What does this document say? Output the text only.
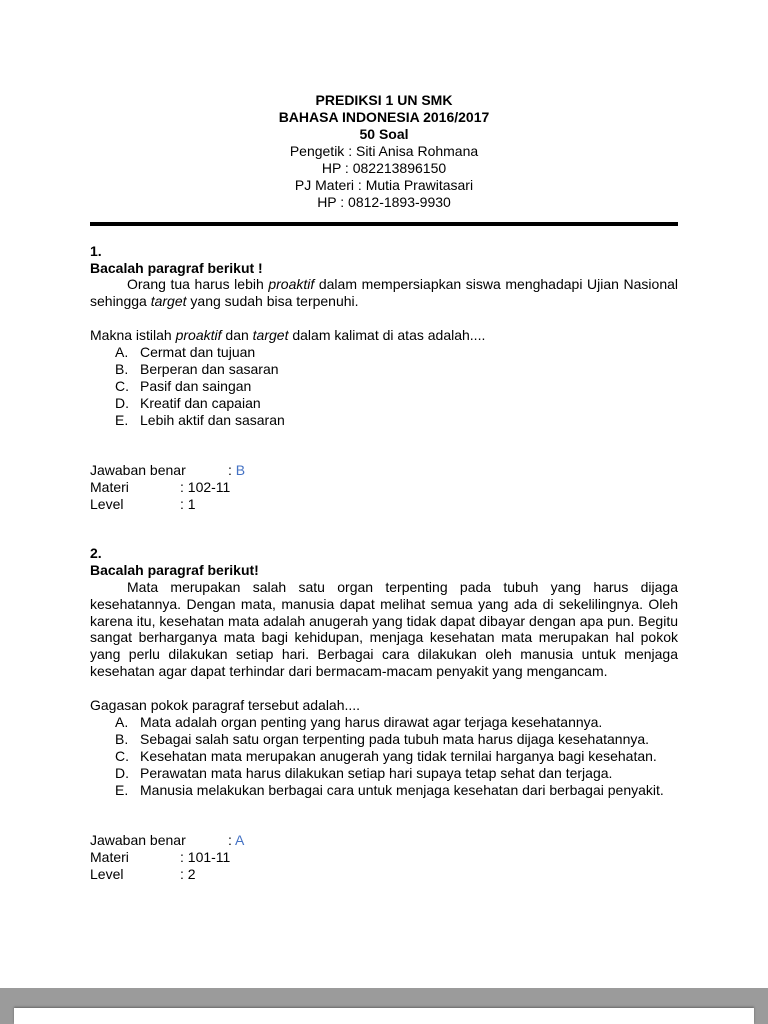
PREDIKSI 1 UN SMK
BAHASA INDONESIA 2016/2017
50 Soal
Pengetik : Siti Anisa Rohmana
HP : 082213896150
PJ Materi : Mutia Prawitasari
HP : 0812-1893-9930
1.
Bacalah paragraf berikut !

Orang tua harus lebih proaktif dalam mempersiapkan siswa menghadapi Ujian Nasional sehingga target yang sudah bisa terpenuhi.

Makna istilah proaktif dan target dalam kalimat di atas adalah....

A. Cermat dan tujuan
B. Berperan dan sasaran
C. Pasif dan saingan
D. Kreatif dan capaian
E. Lebih aktif dan sasaran
Jawaban benar	: B
Materi	: 102-11
Level	: 1
2.
Bacalah paragraf berikut!

Mata merupakan salah satu organ terpenting pada tubuh yang harus dijaga kesehatannya. Dengan mata, manusia dapat melihat semua yang ada di sekelilingnya. Oleh karena itu, kesehatan mata adalah anugerah yang tidak dapat dibayar dengan apa pun. Begitu sangat berharganya mata bagi kehidupan, menjaga kesehatan mata merupakan hal pokok yang perlu dilakukan setiap hari. Berbagai cara dilakukan oleh manusia untuk menjaga kesehatan agar dapat terhindar dari bermacam-macam penyakit yang mengancam.

Gagasan pokok paragraf tersebut adalah....

A. Mata adalah organ penting yang harus dirawat agar terjaga kesehatannya.
B. Sebagai salah satu organ terpenting pada tubuh mata harus dijaga kesehatannya.
C. Kesehatan mata merupakan anugerah yang tidak ternilai harganya bagi kesehatan.
D. Perawatan mata harus dilakukan setiap hari supaya tetap sehat dan terjaga.
E. Manusia melakukan berbagai cara untuk menjaga kesehatan dari berbagai penyakit.
Jawaban benar	: A
Materi	: 101-11
Level	: 2
